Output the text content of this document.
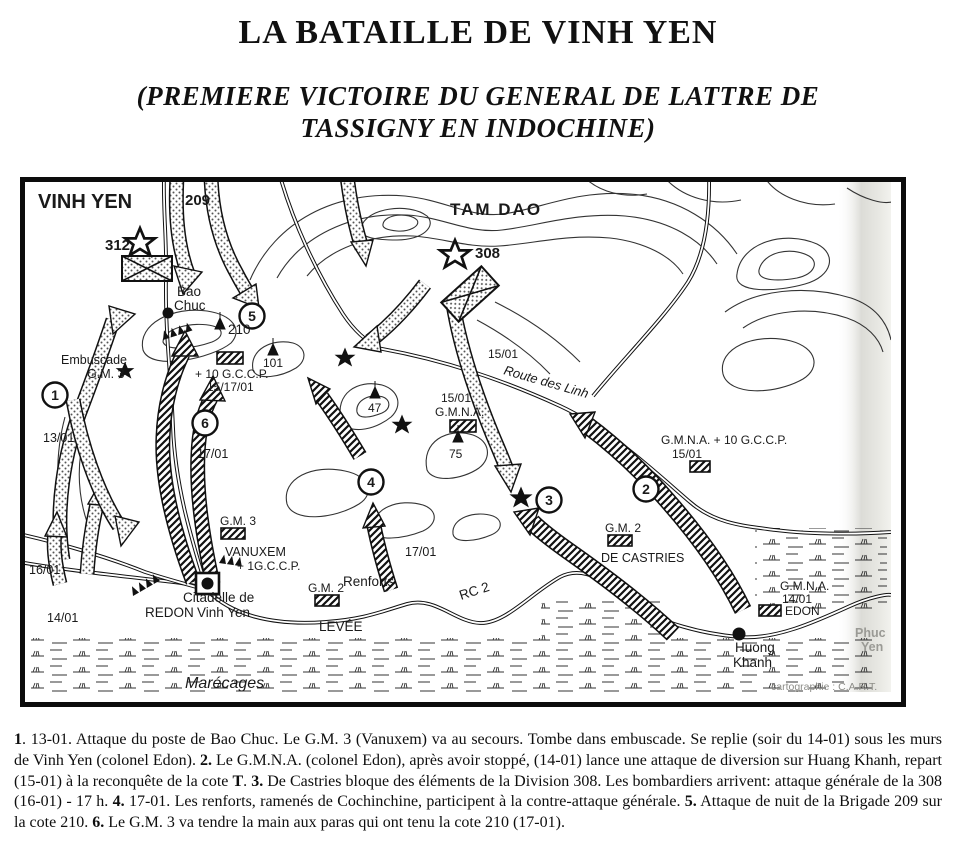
LA BATAILLE DE VINH YEN
(PREMIERE VICTOIRE DU GENERAL DE LATTRE DE
TASSIGNY EN INDOCHINE)
1
2
3
4
5
6
VINH YEN	TAM DAO
209
312	308
Bao
Chuc
210
101
47
75
Embuscade
G.M. 3
13/01
17/01
+ 10 G.C.C.P.
15/17/01
15/01
Route des Linh
15/01
G.M.N.A.
G.M.N.A. + 10 G.C.C.P.
15/01
G.M. 2
Renforts
17/01
RC 2
LEVÉE
G.M. 2
DE CASTRIES
G.M. 3
VANUXEM
+ 1G.C.C.P.
Citadelle de
REDON Vinh Yen
Marécages
Huong
Khanh
Phuc
Yen
16/01
14/01
G.M.N.A.
14/01
EDON
cartographie : C.A.R.T.

1. 13-01. Attaque du poste de Bao Chuc. Le G.M. 3 (Vanuxem) va au secours. Tombe dans embuscade. Se replie (soir du 14-01) sous les murs de Vinh Yen (colonel Edon). 2. Le G.M.N.A. (colonel Edon), après avoir stoppé, (14-01) lance une attaque de diversion sur Huang Khanh, repart (15-01) à la reconquête de la cote T. 3. De Castries bloque des éléments de la Division 308. Les bombardiers arrivent: attaque générale de la 308 (16-01) - 17 h. 4. 17-01. Les renforts, ramenés de Cochinchine, participent à la contre-attaque générale. 5. Attaque de nuit de la Brigade 209 sur la cote 210. 6. Le G.M. 3 va tendre la main aux paras qui ont tenu la cote 210 (17-01).
